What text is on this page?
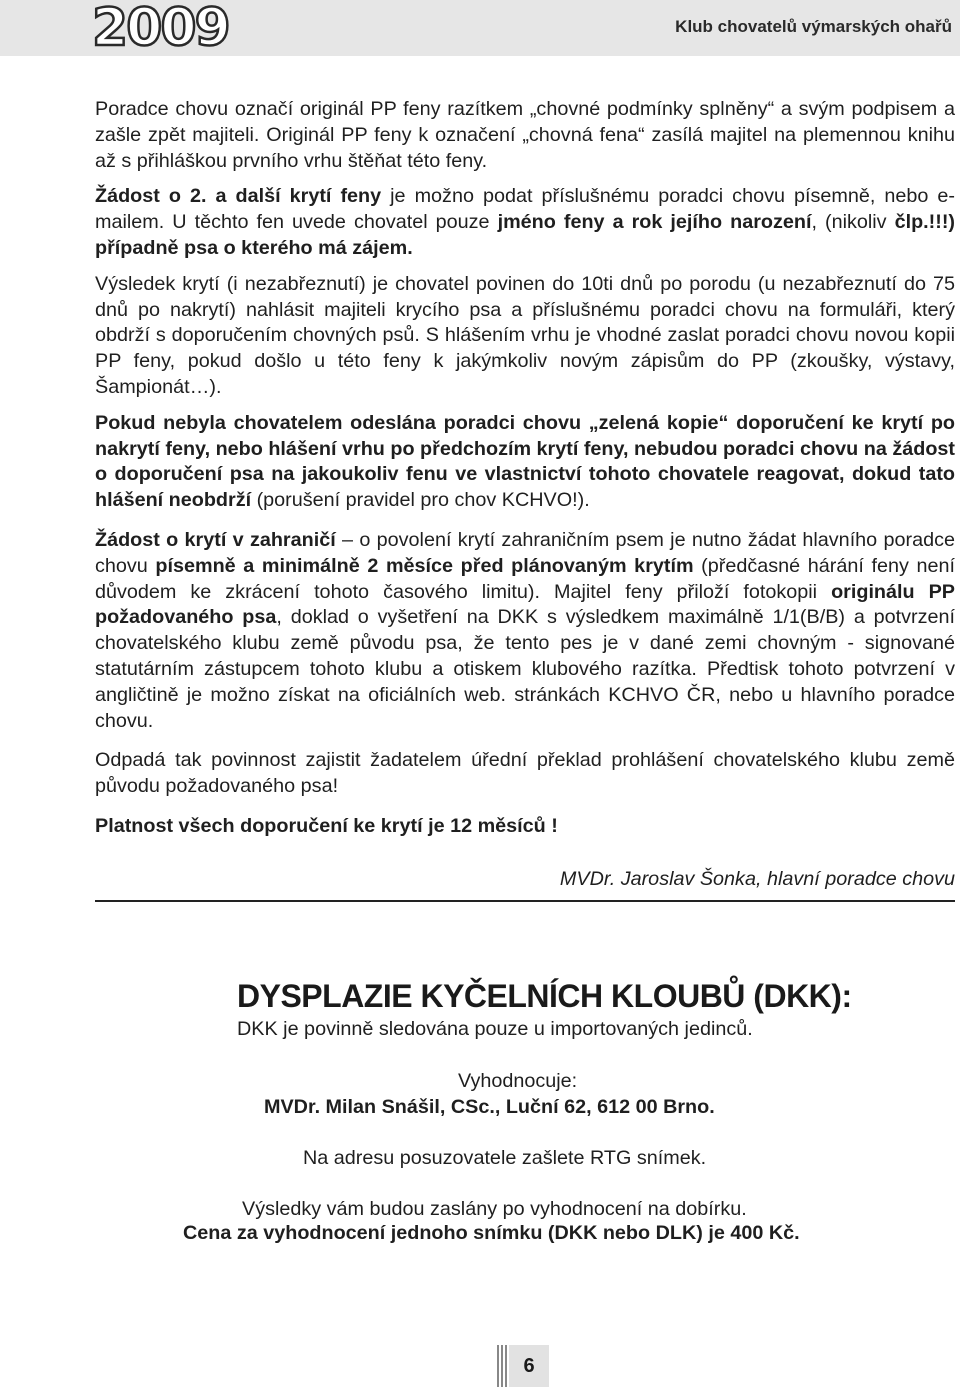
2009	Klub chovatelů výmarských ohařů

Poradce chovu označí originál PP feny razítkem „chovné podmínky splněny“ a svým podpisem a zašle zpět majiteli. Originál PP feny k označení „chovná fena“ zasílá majitel na plemennou knihu až s přihláškou prvního vrhu štěňat této feny.

Žádost o 2. a další krytí feny je možno podat příslušnému poradci chovu písemně, nebo e-mailem. U těchto fen uvede chovatel pouze jméno feny a rok jejího narození, (nikoliv člp.!!!) případně psa o kterého má zájem.

Výsledek krytí (i nezabřeznutí) je chovatel povinen do 10ti dnů po porodu (u nezabřeznutí do 75 dnů po nakrytí) nahlásit majiteli krycího psa a příslušnému poradci chovu na formuláři, který obdrží s doporučením chovných psů. S hlášením vrhu je vhodné zaslat poradci chovu novou kopii PP feny, pokud došlo u této feny k jakýmkoliv novým zápisům do PP (zkoušky, výstavy, Šampionát…).

Pokud nebyla chovatelem odeslána poradci chovu „zelená kopie“ doporučení ke krytí po nakrytí feny, nebo hlášení vrhu po předchozím krytí feny, nebudou poradci chovu na žádost o doporučení psa na jakoukoliv fenu ve vlastnictví tohoto chovatele reagovat, dokud tato hlášení neobdrží (porušení pravidel pro chov KCHVO!).

Žádost o krytí v zahraničí – o povolení krytí zahraničním psem je nutno žádat hlavního poradce chovu písemně a minimálně 2 měsíce před plánovaným krytím (předčasné hárání feny není důvodem ke zkrácení tohoto časového limitu). Majitel feny přiloží fotokopii originálu PP požadovaného psa, doklad o vyšetření na DKK s výsledkem maximálně 1/1(B/B) a potvrzení chovatelského klubu země původu psa, že tento pes je v dané zemi chovným - signované statutárním zástupcem tohoto klubu a otiskem klubového razítka. Předtisk tohoto potvrzení v angličtině je možno získat na oficiálních web. stránkách KCHVO ČR, nebo u hlavního poradce chovu.

Odpadá tak povinnost zajistit žadatelem úřední překlad prohlášení chovatelského klubu země původu požadovaného psa!

Platnost všech doporučení ke krytí je 12 měsíců !

MVDr. Jaroslav Šonka, hlavní poradce chovu

DYSPLAZIE KYČELNÍCH KLOUBŮ (DKK):
DKK je povinně sledována pouze u importovaných jedinců.
Vyhodnocuje:
MVDr. Milan Snášil, CSc., Luční 62, 612 00 Brno.
Na adresu posuzovatele zašlete RTG snímek.
Výsledky vám budou zaslány po vyhodnocení na dobírku.
Cena za vyhodnocení jednoho snímku (DKK nebo DLK) je 400 Kč.
6
